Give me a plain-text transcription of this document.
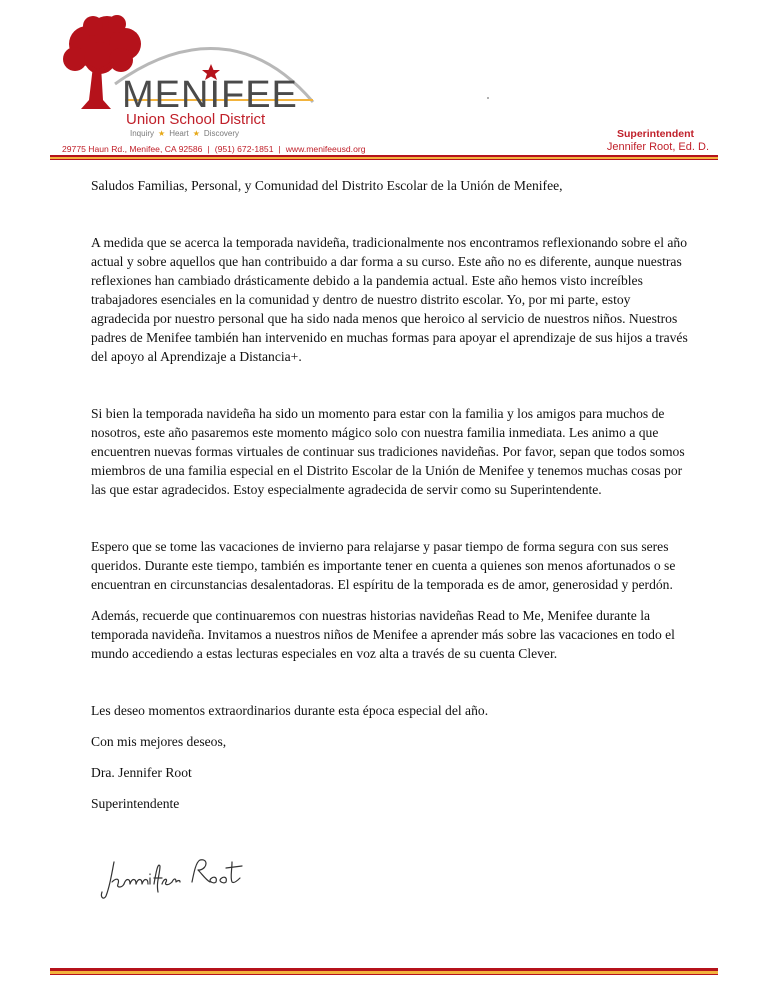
MENIFEE
Union School District
Inquiry ★ Heart ★ Discovery
29775 Haun Rd., Menifee, CA 92586 | (951) 672-1851 | www.menifeeusd.org
Superintendent
Jennifer Root, Ed. D.

Saludos Familias, Personal, y Comunidad del Distrito Escolar de la Unión de Menifee,

A medida que se acerca la temporada navideña, tradicionalmente nos encontramos reflexionando sobre el año actual y sobre aquellos que han contribuido a dar forma a su curso. Este año no es diferente, aunque nuestras reflexiones han cambiado drásticamente debido a la pandemia actual. Este año hemos visto increíbles trabajadores esenciales en la comunidad y dentro de nuestro distrito escolar. Yo, por mi parte, estoy agradecida por nuestro personal que ha sido nada menos que heroico al servicio de nuestros niños. Nuestros padres de Menifee también han intervenido en muchas formas para apoyar el aprendizaje de sus hijos a través del apoyo al Aprendizaje a Distancia+.

Si bien la temporada navideña ha sido un momento para estar con la familia y los amigos para muchos de nosotros, este año pasaremos este momento mágico solo con nuestra familia inmediata. Les animo a que encuentren nuevas formas virtuales de continuar sus tradiciones navideñas. Por favor, sepan que todos somos miembros de una familia especial en el Distrito Escolar de la Unión de Menifee y tenemos muchas cosas por las que estar agradecidos. Estoy especialmente agradecida de servir como su Superintendente.

Espero que se tome las vacaciones de invierno para relajarse y pasar tiempo de forma segura con sus seres queridos. Durante este tiempo, también es importante tener en cuenta a quienes son menos afortunados o se encuentran en circunstancias desalentadoras. El espíritu de la temporada es de amor, generosidad y perdón.

Además, recuerde que continuaremos con nuestras historias navideñas Read to Me, Menifee durante la temporada navideña. Invitamos a nuestros niños de Menifee a aprender más sobre las vacaciones en todo el mundo accediendo a estas lecturas especiales en voz alta a través de su cuenta Clever.

Les deseo momentos extraordinarios durante esta época especial del año.

Con mis mejores deseos,

Dra. Jennifer Root

Superintendente
